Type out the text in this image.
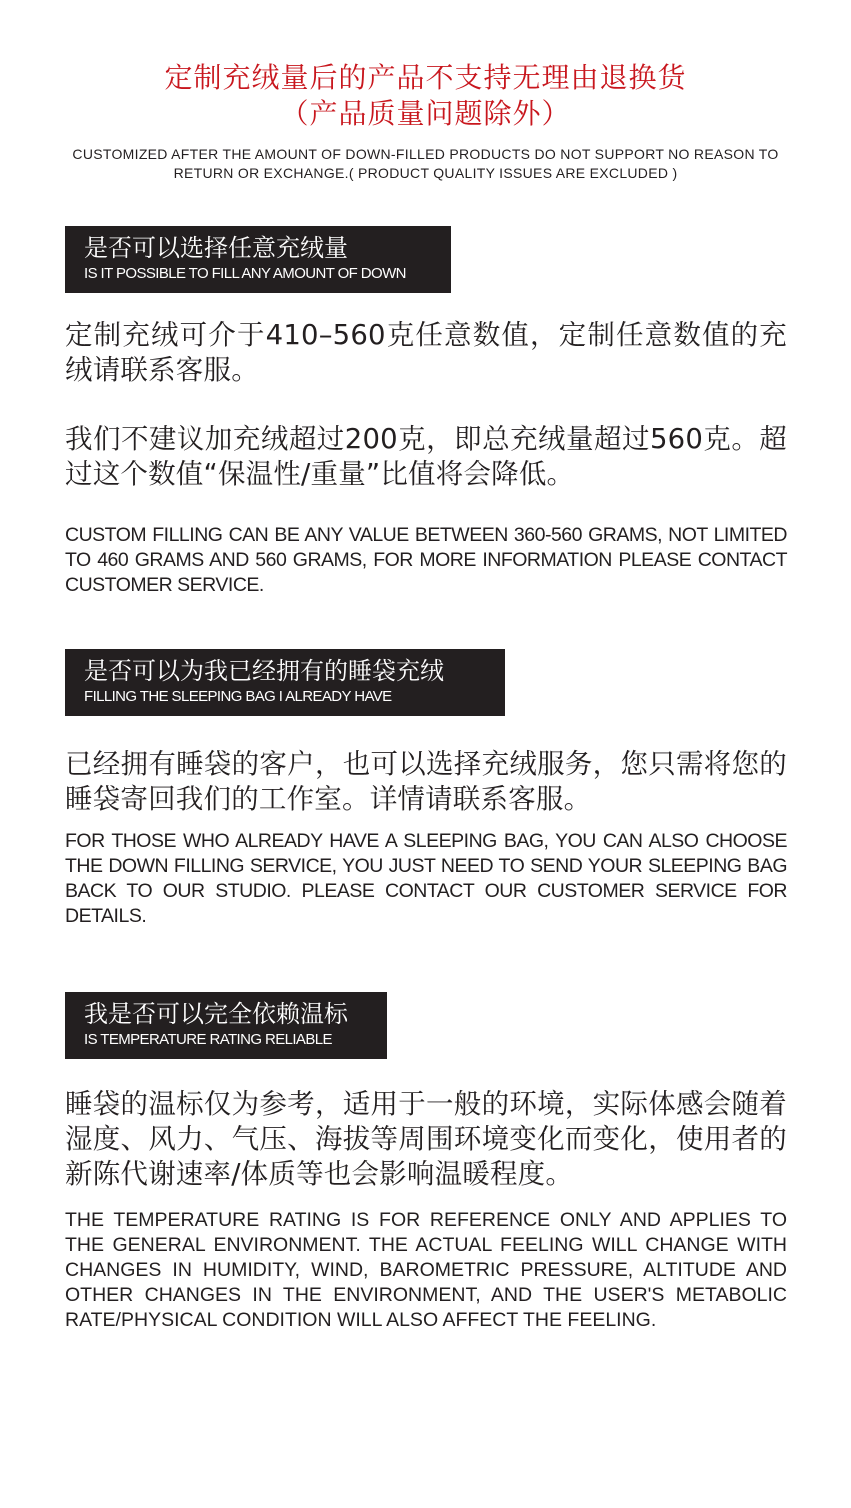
定制充绒量后的产品不支持无理由退换货
（产品质量问题除外）
CUSTOMIZED AFTER THE AMOUNT OF DOWN-FILLED PRODUCTS DO NOT SUPPORT NO REASON TO RETURN OR EXCHANGE.( PRODUCT QUALITY ISSUES ARE EXCLUDED )
是否可以选择任意充绒量
IS IT POSSIBLE TO FILL ANY AMOUNT OF DOWN
定制充绒可介于410–560克任意数值，定制任意数值的充绒请联系客服。
我们不建议加充绒超过200克，即总充绒量超过560克。超过这个数值“保温性/重量”比值将会降低。
CUSTOM FILLING CAN BE ANY VALUE BETWEEN 360-560 GRAMS, NOT LIMITED TO 460 GRAMS AND 560 GRAMS, FOR MORE INFORMATION PLEASE CONTACT CUSTOMER SERVICE.
是否可以为我已经拥有的睡袋充绒
FILLING THE SLEEPING BAG I ALREADY HAVE
已经拥有睡袋的客户，也可以选择充绒服务，您只需将您的睡袋寄回我们的工作室。详情请联系客服。
FOR THOSE WHO ALREADY HAVE A SLEEPING BAG, YOU CAN ALSO CHOOSE THE DOWN FILLING SERVICE, YOU JUST NEED TO SEND YOUR SLEEPING BAG BACK TO OUR STUDIO. PLEASE CONTACT OUR CUSTOMER SERVICE FOR DETAILS.
我是否可以完全依赖温标
IS TEMPERATURE RATING RELIABLE
睡袋的温标仅为参考，适用于一般的环境，实际体感会随着湿度、风力、气压、海拔等周围环境变化而变化，使用者的新陈代谢速率/体质等也会影响温暖程度。
THE TEMPERATURE RATING IS FOR REFERENCE ONLY AND APPLIES TO THE GENERAL ENVIRONMENT. THE ACTUAL FEELING WILL CHANGE WITH CHANGES IN HUMIDITY, WIND, BAROMETRIC PRESSURE, ALTITUDE AND OTHER CHANGES IN THE ENVIRONMENT, AND THE USER'S METABOLIC RATE/PHYSICAL CONDITION WILL ALSO AFFECT THE FEELING.
